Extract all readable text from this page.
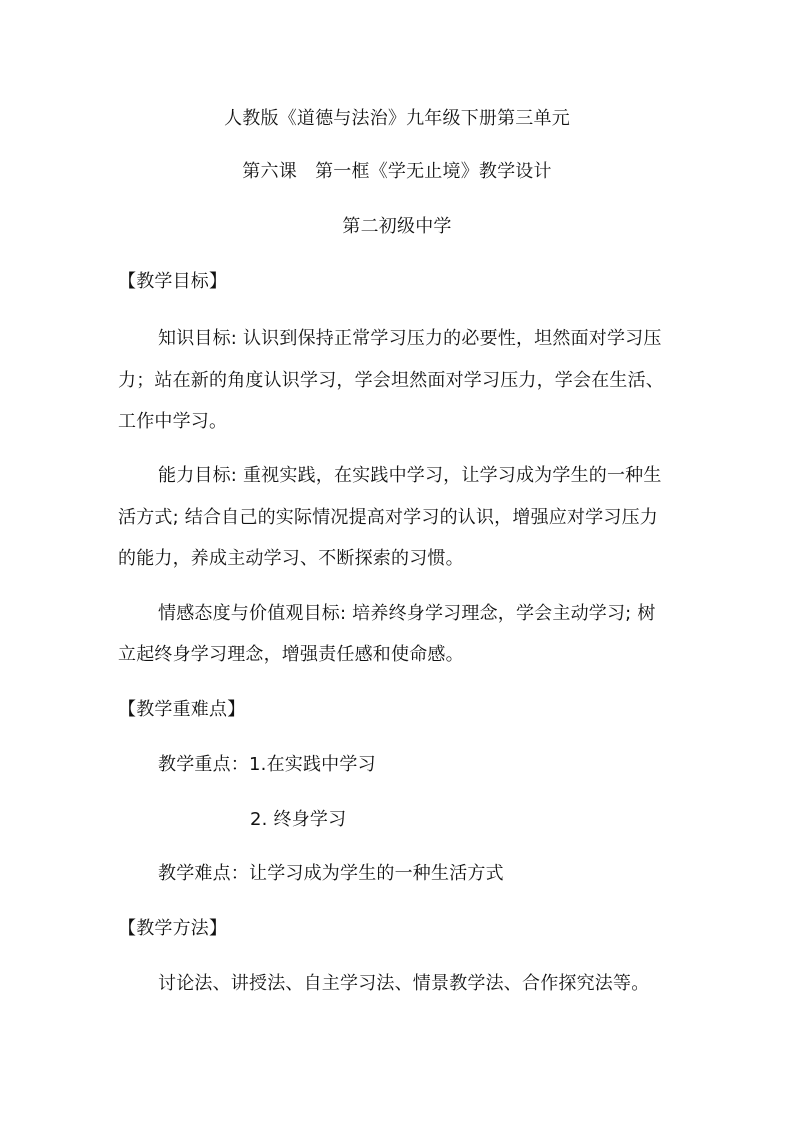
人教版《道德与法治》九年级下册第三单元
第六课　第一框《学无止境》教学设计
第二初级中学
【教学目标】
知识目标: 认识到保持正常学习压力的必要性，坦然面对学习压
力；站在新的角度认识学习，学会坦然面对学习压力，学会在生活、
工作中学习。
能力目标: 重视实践，在实践中学习，让学习成为学生的一种生
活方式; 结合自己的实际情况提高对学习的认识，增强应对学习压力
的能力，养成主动学习、不断探索的习惯。
情感态度与价值观目标: 培养终身学习理念，学会主动学习; 树
立起终身学习理念，增强责任感和使命感。
【教学重难点】
教学重点：1.在实践中学习
2. 终身学习
教学难点：让学习成为学生的一种生活方式
【教学方法】
讨论法、讲授法、自主学习法、情景教学法、合作探究法等。
